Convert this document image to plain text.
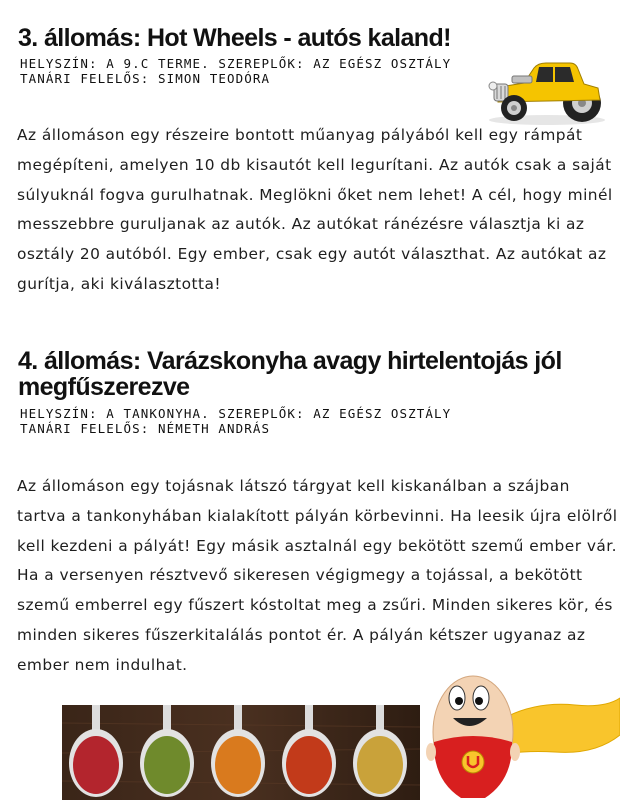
3. állomás: Hot Wheels - autós kaland!
HELYSZÍN: A 9.C TERME. SZEREPLŐK: AZ EGÉSZ OSZTÁLY
TANÁRI FELELŐS: SIMON TEODÓRA

Az állomáson egy részeire bontott műanyag pályából kell egy rámpát megépíteni, amelyen 10 db kisautót kell legurítani. Az autók csak a saját súlyuknál fogva gurulhatnak. Meglökni őket nem lehet! A cél, hogy minél messzebbre guruljanak az autók. Az autókat ránézésre választja ki az osztály 20 autóból. Egy ember, csak egy autót választhat. Az autókat az gurítja, aki kiválasztotta!

4. állomás: Varázskonyha avagy hirtelentojás jól megfűszerezve
HELYSZÍN: A TANKONYHA. SZEREPLŐK: AZ EGÉSZ OSZTÁLY
TANÁRI FELELŐS: NÉMETH ANDRÁS

Az állomáson egy tojásnak látszó tárgyat kell kiskanálban a szájban tartva a tankonyhában kialakított pályán körbevinni. Ha leesik újra elölről kell kezdeni a pályát! Egy másik asztalnál egy bekötött szemű ember vár. Ha a versenyen résztvevő sikeresen végigmegy a tojással, a bekötött szemű emberrel egy fűszert kóstoltat meg a zsűri. Minden sikeres kör, és minden sikeres fűszerkitalálás pontot ér. A pályán kétszer ugyanaz az ember nem indulhat.
